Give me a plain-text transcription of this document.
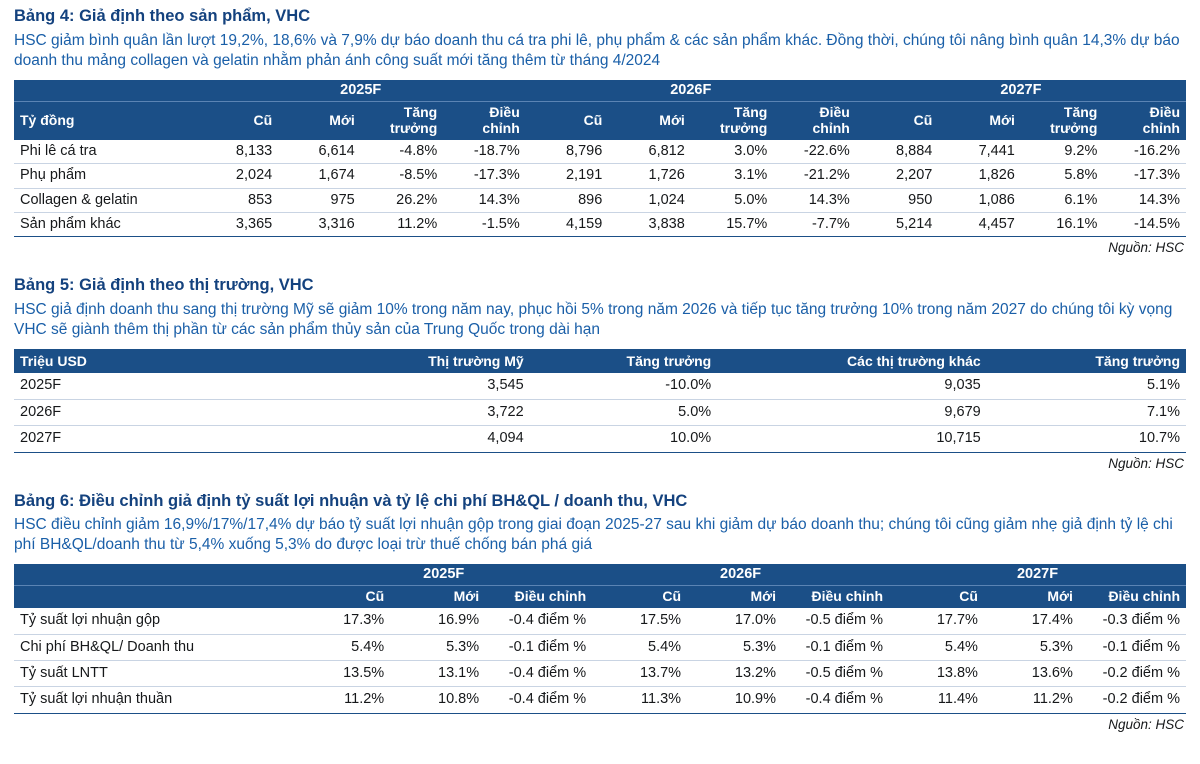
Bảng 4: Giả định theo sản phẩm, VHC
HSC giảm bình quân lần lượt 19,2%, 18,6% và 7,9% dự báo doanh thu cá tra phi lê, phụ phẩm & các sản phẩm khác. Đồng thời, chúng tôi nâng bình quân 14,3% dự báo doanh thu mảng collagen và gelatin nhằm phản ánh công suất mới tăng thêm từ tháng 4/2024
	2025F				2026F				2027F			
Tỷ đồng	Cũ	Mới	Tăng trưởng	Điều chỉnh	Cũ	Mới	Tăng trưởng	Điều chỉnh	Cũ	Mới	Tăng trưởng	Điều chỉnh
Phi lê cá tra	8,133	6,614	-4.8%	-18.7%	8,796	6,812	3.0%	-22.6%	8,884	7,441	9.2%	-16.2%
Phụ phẩm	2,024	1,674	-8.5%	-17.3%	2,191	1,726	3.1%	-21.2%	2,207	1,826	5.8%	-17.3%
Collagen & gelatin	853	975	26.2%	14.3%	896	1,024	5.0%	14.3%	950	1,086	6.1%	14.3%
Sản phẩm khác	3,365	3,316	11.2%	-1.5%	4,159	3,838	15.7%	-7.7%	5,214	4,457	16.1%	-14.5%
Nguồn: HSC
Bảng 5: Giả định theo thị trường, VHC
HSC giả định doanh thu sang thị trường Mỹ sẽ giảm 10% trong năm nay, phục hồi 5% trong năm 2026 và tiếp tục tăng trưởng 10% trong năm 2027 do chúng tôi kỳ vọng VHC sẽ giành thêm thị phần từ các sản phẩm thủy sản của Trung Quốc trong dài hạn
Triệu USD	Thị trường Mỹ	Tăng trưởng	Các thị trường khác	Tăng trưởng
2025F	3,545	-10.0%	9,035	5.1%
2026F	3,722	5.0%	9,679	7.1%
2027F	4,094	10.0%	10,715	10.7%
Nguồn: HSC
Bảng 6: Điều chỉnh giả định tỷ suất lợi nhuận và tỷ lệ chi phí BH&QL / doanh thu, VHC
HSC điều chỉnh giảm 16,9%/17%/17,4% dự báo tỷ suất lợi nhuận gộp trong giai đoạn 2025-27 sau khi giảm dự báo doanh thu; chúng tôi cũng giảm nhẹ giả định tỷ lệ chi phí BH&QL/doanh thu từ 5,4% xuống 5,3% do được loại trừ thuế chống bán phá giá
	2025F			2026F			2027F		
	Cũ	Mới	Điều chỉnh	Cũ	Mới	Điều chỉnh	Cũ	Mới	Điều chỉnh
Tỷ suất lợi nhuận gộp	17.3%	16.9%	-0.4 điểm %	17.5%	17.0%	-0.5 điểm %	17.7%	17.4%	-0.3 điểm %
Chi phí BH&QL/ Doanh thu	5.4%	5.3%	-0.1 điểm %	5.4%	5.3%	-0.1 điểm %	5.4%	5.3%	-0.1 điểm %
Tỷ suất LNTT	13.5%	13.1%	-0.4 điểm %	13.7%	13.2%	-0.5 điểm %	13.8%	13.6%	-0.2 điểm %
Tỷ suất lợi nhuận thuần	11.2%	10.8%	-0.4 điểm %	11.3%	10.9%	-0.4 điểm %	11.4%	11.2%	-0.2 điểm %
Nguồn: HSC
